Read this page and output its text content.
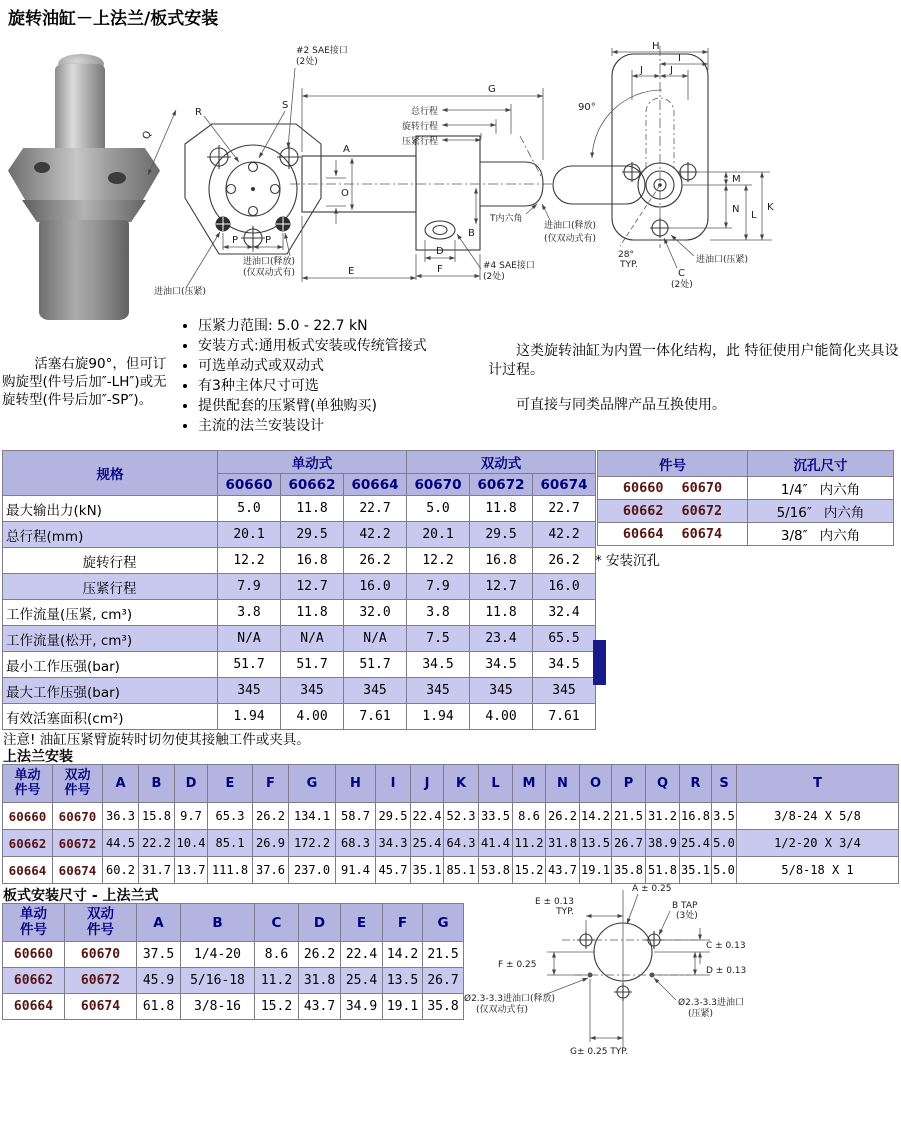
旋转油缸－上法兰/板式安装
R
S
Q
O
P	P
进油口(释放)
(仅双动式有)
进油口(压紧)
#2 SAE接口
(2处)
G
总行程
旋转行程
压紧行程
A
B
D
F
E
T内六角
#4 SAE接口
(2处)
进油口(释放)
(仅双动式有)
H
I
J	J
90°
M
N
L
K
28°
TYP.
C
(2处)
进油口(压紧)

活塞右旋90°，但可订购旋型(件号后加″-LH″)或无旋转型(件号后加″-SP″)。

• 压紧力范围: 5.0 - 22.7 kN
• 安装方式:通用板式安装或传统管接式
• 可选单动式或双动式
• 有3种主体尺寸可选
• 提供配套的压紧臂(单独购买)
• 主流的法兰安装设计

这类旋转油缸为内置一体化结构，此 特征使用户能简化夹具设计过程。

可直接与同类品牌产品互换使用。

规格	单动式			双动式		
	60660	60662	60664	60670	60672	60674
最大输出力(kN)	5.0	11.8	22.7	5.0	11.8	22.7
总行程(mm)	20.1	29.5	42.2	20.1	29.5	42.2
旋转行程	12.2	16.8	26.2	12.2	16.8	26.2
压紧行程	7.9	12.7	16.0	7.9	12.7	16.0
工作流量(压紧, cm³)	3.8	11.8	32.0	3.8	11.8	32.4
工作流量(松开, cm³)	N/A	N/A	N/A	7.5	23.4	65.5
最小工作压强(bar)	51.7	51.7	51.7	34.5	34.5	34.5
最大工作压强(bar)	345	345	345	345	345	345
有效活塞面积(cm²)	1.94	4.00	7.61	1.94	4.00	7.61
件号	沉孔尺寸
60660 60670	1/4″ 内六角
60662 60672	5/16″ 内六角
60664 60674	3/8″ 内六角
* 安装沉孔

注意! 油缸压紧臂旋转时切勿使其接触工件或夹具。

上法兰安装
单动
件号	双动
件号	A	B	D	E	F	G	H	I	J	K	L	M	N	O	P	Q	R	S	T
60660	60670	36.3	15.8	9.7	65.3	26.2	134.1	58.7	29.5	22.4	52.3	33.5	8.6	26.2	14.2	21.5	31.2	16.8	3.5	3/8-24 X 5/8
60662	60672	44.5	22.2	10.4	85.1	26.9	172.2	68.3	34.3	25.4	64.3	41.4	11.2	31.8	13.5	26.7	38.9	25.4	5.0	1/2-20 X 3/4
60664	60674	60.2	31.7	13.7	111.8	37.6	237.0	91.4	45.7	35.1	85.1	53.8	15.2	43.7	19.1	35.8	51.8	35.1	5.0	5/8-18 X 1
板式安装尺寸 - 上法兰式
单动
件号	双动
件号	A	B	C	D	E	F	G
60660	60670	37.5	1/4-20	8.6	26.2	22.4	14.2	21.5
60662	60672	45.9	5/16-18	11.2	31.8	25.4	13.5	26.7
60664	60674	61.8	3/8-16	15.2	43.7	34.9	19.1	35.8
E ± 0.13
TYP.
A ± 0.25
B TAP
(3处)
C ± 0.13
D ± 0.13
F ± 0.25
G± 0.25 TYP.
Ø2.3-3.3进油口(释放)
(仅双动式有)
Ø2.3-3.3进油口
(压紧)
